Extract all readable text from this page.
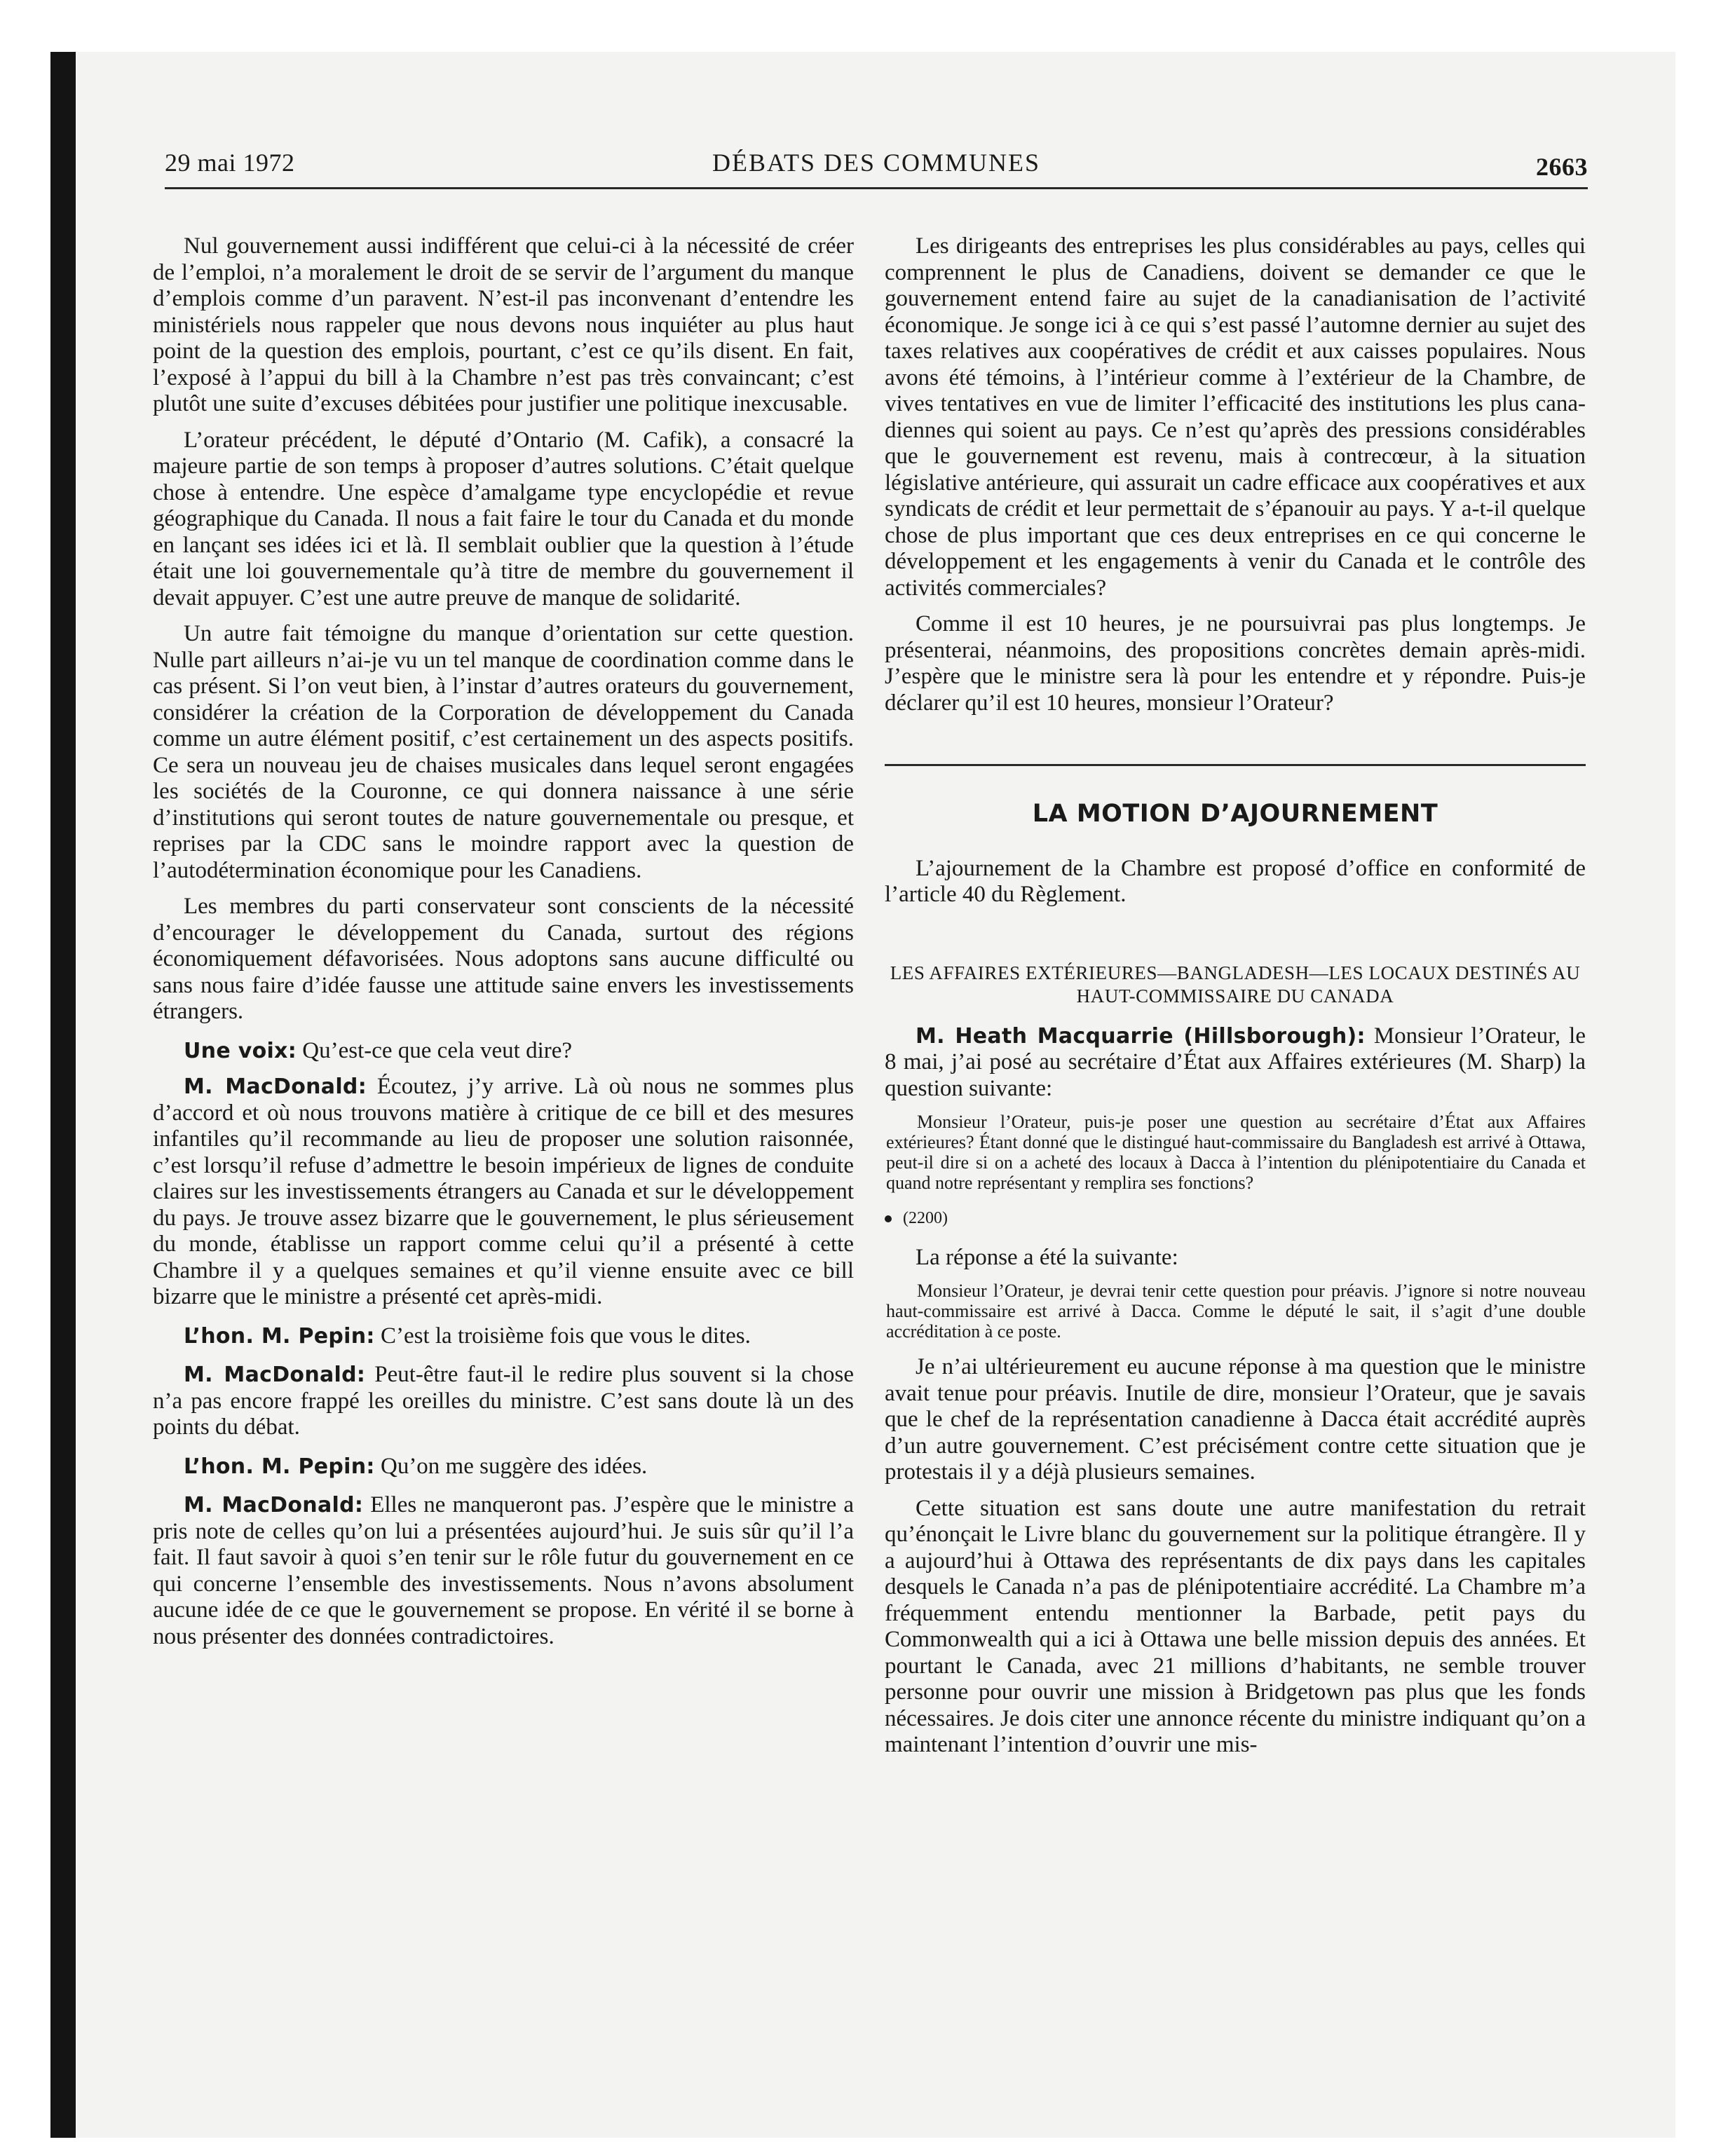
29 mai 1972	DÉBATS DES COMMUNES	2663

Nul gouvernement aussi indifférent que celui-ci à la nécessité de créer de l’emploi, n’a moralement le droit de se servir de l’argument du manque d’emplois comme d’un paravent. N’est-il pas inconvenant d’entendre les ministériels nous rappeler que nous devons nous inquiéter au plus haut point de la question des emplois, pourtant, c’est ce qu’ils disent. En fait, l’exposé à l’appui du bill à la Chambre n’est pas très convaincant; c’est plutôt une suite d’excuses débitées pour justifier une politique inexcusable.

L’orateur précédent, le député d’Ontario (M. Cafik), a consacré la majeure partie de son temps à proposer d’autres solutions. C’était quelque chose à entendre. Une espèce d’amalgame type encyclopédie et revue géographique du Canada. Il nous a fait faire le tour du Canada et du monde en lançant ses idées ici et là. Il semblait oublier que la question à l’étude était une loi gouvernementale qu’à titre de membre du gouvernement il devait appuyer. C’est une autre preuve de manque de solidarité.

Un autre fait témoigne du manque d’orientation sur cette question. Nulle part ailleurs n’ai-je vu un tel manque de coordination comme dans le cas présent. Si l’on veut bien, à l’instar d’autres orateurs du gouvernement, considérer la création de la Corporation de développement du Canada comme un autre élément positif, c’est certainement un des aspects positifs. Ce sera un nouveau jeu de chaises musicales dans lequel seront engagées les sociétés de la Couronne, ce qui donnera naissance à une série d’institutions qui seront toutes de nature gouvernementale ou presque, et reprises par la CDC sans le moindre rapport avec la question de l’autodétermination économique pour les Canadiens.

Les membres du parti conservateur sont conscients de la nécessité d’encourager le développement du Canada, surtout des régions économiquement défavorisées. Nous adoptons sans aucune difficulté ou sans nous faire d’idée fausse une attitude saine envers les investissements étrangers.

Une voix: Qu’est-ce que cela veut dire?

M. MacDonald: Écoutez, j’y arrive. Là où nous ne sommes plus d’accord et où nous trouvons matière à critique de ce bill et des mesures infantiles qu’il recommande au lieu de proposer une solution raisonnée, c’est lorsqu’il refuse d’admettre le besoin impérieux de lignes de conduite claires sur les investissements étrangers au Canada et sur le développement du pays. Je trouve assez bizarre que le gouvernement, le plus sérieusement du monde, établisse un rapport comme celui qu’il a présenté à cette Chambre il y a quelques semaines et qu’il vienne ensuite avec ce bill bizarre que le ministre a présenté cet après-midi.

L’hon. M. Pepin: C’est la troisième fois que vous le dites.

M. MacDonald: Peut-être faut-il le redire plus souvent si la chose n’a pas encore frappé les oreilles du ministre. C’est sans doute là un des points du débat.

L’hon. M. Pepin: Qu’on me suggère des idées.

M. MacDonald: Elles ne manqueront pas. J’espère que le ministre a pris note de celles qu’on lui a présentées aujourd’hui. Je suis sûr qu’il l’a fait. Il faut savoir à quoi s’en tenir sur le rôle futur du gouvernement en ce qui concerne l’ensemble des investissements. Nous n’avons absolument aucune idée de ce que le gouvernement se propose. En vérité il se borne à nous présenter des données contradictoires.

Les dirigeants des entreprises les plus considérables au pays, celles qui comprennent le plus de Canadiens, doivent se demander ce que le gouvernement entend faire au sujet de la canadianisation de l’activité économique. Je songe ici à ce qui s’est passé l’automne dernier au sujet des taxes relatives aux coopératives de crédit et aux caisses populaires. Nous avons été témoins, à l’intérieur comme à l’extérieur de la Chambre, de vives tentatives en vue de limiter l’efficacité des institutions les plus canadiennes qui soient au pays. Ce n’est qu’après des pressions considérables que le gouvernement est revenu, mais à contrecœur, à la situation législative antérieure, qui assurait un cadre efficace aux coopératives et aux syndicats de crédit et leur permettait de s’épanouir au pays. Y a-t-il quelque chose de plus important que ces deux entreprises en ce qui concerne le développement et les engagements à venir du Canada et le contrôle des activités commerciales?

Comme il est 10 heures, je ne poursuivrai pas plus longtemps. Je présenterai, néanmoins, des propositions concrètes demain après-midi. J’espère que le ministre sera là pour les entendre et y répondre. Puis-je déclarer qu’il est 10 heures, monsieur l’Orateur?

LA MOTION D’AJOURNEMENT

L’ajournement de la Chambre est proposé d’office en conformité de l’article 40 du Règlement.

LES AFFAIRES EXTÉRIEURES—BANGLADESH—LES LOCAUX DESTINÉS AU HAUT-COMMISSAIRE DU CANADA

M. Heath Macquarrie (Hillsborough): Monsieur l’Orateur, le 8 mai, j’ai posé au secrétaire d’État aux Affaires extérieures (M. Sharp) la question suivante:

Monsieur l’Orateur, puis-je poser une question au secrétaire d’État aux Affaires extérieures? Étant donné que le distingué haut-commissaire du Bangladesh est arrivé à Ottawa, peut-il dire si on a acheté des locaux à Dacca à l’intention du plénipotentiaire du Canada et quand notre représentant y remplira ses fonctions?

(2200)

La réponse a été la suivante:

Monsieur l’Orateur, je devrai tenir cette question pour préavis. J’ignore si notre nouveau haut-commissaire est arrivé à Dacca. Comme le député le sait, il s’agit d’une double accréditation à ce poste.

Je n’ai ultérieurement eu aucune réponse à ma question que le ministre avait tenue pour préavis. Inutile de dire, monsieur l’Orateur, que je savais que le chef de la représentation canadienne à Dacca était accrédité auprès d’un autre gouvernement. C’est précisément contre cette situation que je protestais il y a déjà plusieurs semaines.

Cette situation est sans doute une autre manifestation du retrait qu’énonçait le Livre blanc du gouvernement sur la politique étrangère. Il y a aujourd’hui à Ottawa des représentants de dix pays dans les capitales desquels le Canada n’a pas de plénipotentiaire accrédité. La Chambre m’a fréquemment entendu mentionner la Barbade, petit pays du Commonwealth qui a ici à Ottawa une belle mission depuis des années. Et pourtant le Canada, avec 21 millions d’habitants, ne semble trouver personne pour ouvrir une mission à Bridgetown pas plus que les fonds nécessaires. Je dois citer une annonce récente du ministre indiquant qu’on a maintenant l’intention d’ouvrir une mis-
